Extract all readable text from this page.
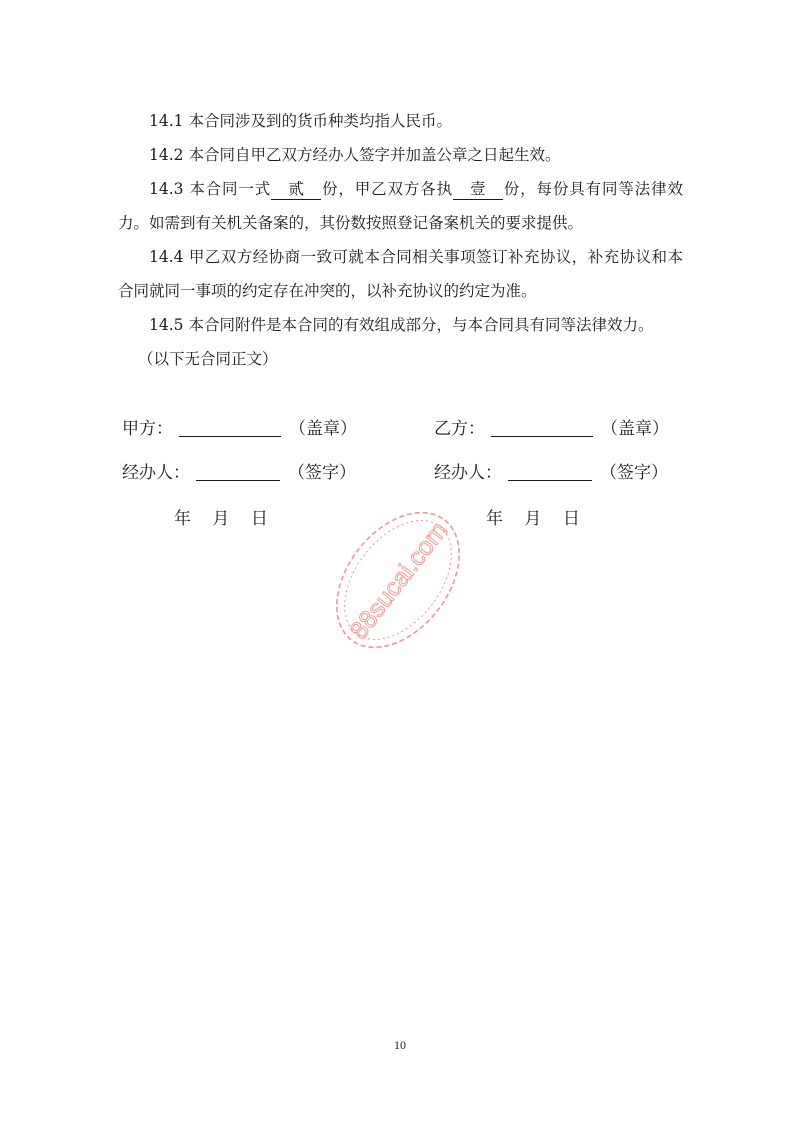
14.1 本合同涉及到的货币种类均指人民币。

14.2 本合同自甲乙双方经办人签字并加盖公章之日起生效。

14.3 本合同一式 贰 份，甲乙双方各执 壹 份，每份具有同等法律效力。如需到有关机关备案的，其份数按照登记备案机关的要求提供。

14.4 甲乙双方经协商一致可就本合同相关事项签订补充协议，补充协议和本合同就同一事项的约定存在冲突的，以补充协议的约定为准。

14.5 本合同附件是本合同的有效组成部分，与本合同具有同等法律效力。

（以下无合同正文）

甲方：	（盖章）	乙方：	（盖章）
经办人：	（签字）	经办人：	（签字）
年 月 日	年 月 日
88sucai.com
10
